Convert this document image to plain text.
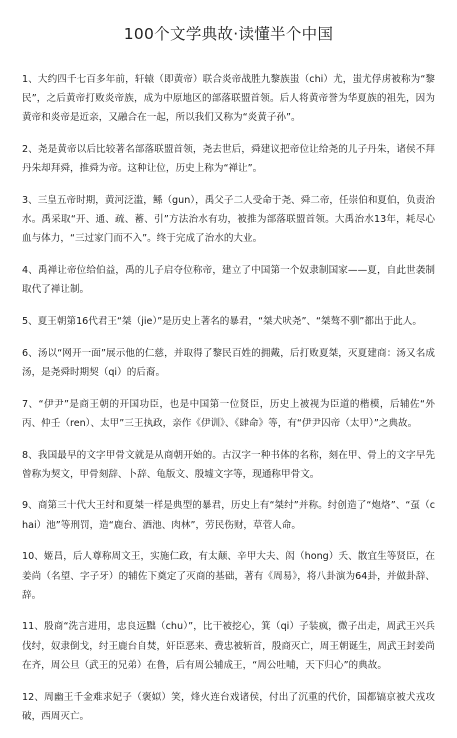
100个文学典故·读懂半个中国
1、大约四千七百多年前，轩辕（即黄帝）联合炎帝战胜九黎族蚩（chi）尤，蚩尤俘虏被称为“黎民”，之后黄帝打败炎帝族，成为中原地区的部落联盟首领。后人将黄帝誉为华夏族的祖先，因为黄帝和炎帝是近亲，又融合在一起，所以我们又称为“炎黄子孙”。
2、尧是黄帝以后比较著名部落联盟首领，尧去世后，舜建议把帝位让给尧的儿子丹朱，诸侯不拜丹朱却拜舜，推舜为帝。这种让位，历史上称为“禅让”。
3、三皇五帝时期，黄河泛滥，鲧（gun），禹父子二人受命于尧、舜二帝，任崇伯和夏伯，负责治水。禹采取“开、通、疏、蓄、引”方法治水有功，被推为部落联盟首领。大禹治水13年，耗尽心血与体力，“三过家门而不入”。终于完成了治水的大业。
4、禹禅让帝位给伯益，禹的儿子启夺位称帝，建立了中国第一个奴隶制国家——夏，自此世袭制取代了禅让制。
5、夏王朝第16代君王“桀（jie）”是历史上著名的暴君，“桀犬吠尧”、“桀骜不驯”都出于此人。
6、汤以“网开一面”展示他的仁慈，并取得了黎民百姓的拥戴，后打败夏桀，灭夏建商：汤又名成汤，是尧舜时期契（qi）的后裔。
7、“伊尹”是商王朝的开国功臣，也是中国第一位贤臣，历史上被视为臣道的楷模，后辅佐“外丙、仲壬（ren）、太甲”三王执政，亲作《伊训》、《肆命》等，有“伊尹囚帝（太甲）”之典故。
8、我国最早的文字甲骨文就是从商朝开始的。古汉字一种书体的名称，刻在甲、骨上的文字早先曾称为契文，甲骨刻辞、卜辞、龟版文、殷墟文字等，现通称甲骨文。
9、商第三十代大王纣和夏桀一样是典型的暴君，历史上有“桀纣”并称。纣创造了“炮烙”、“虿（chai）池”等刑罚，造“鹿台、酒池、肉林”，劳民伤财，草菅人命。
10、姬昌，后人尊称周文王，实施仁政，有太颠、辛甲大夫、闳（hong）夭、散宜生等贤臣，在姜尚（名望、字子牙）的辅佐下奠定了灭商的基础，著有《周易》，将八卦演为64卦，并做卦辞、辞。
11、殷商“洗言进用，忠良远黜（chu）”，比干被挖心，箕（qi）子装疯，微子出走，周武王兴兵伐纣，奴隶倒戈，纣王鹿台自焚，奸臣恶来、费忠被斩首，殷商灭亡，周王朝诞生，周武王封姜尚在齐，周公旦（武王的兄弟）在鲁，后有周公辅成王，“周公吐哺，天下归心”的典故。
12、周幽王千金难求妃子（褒姒）笑，烽火连台戏诸侯，付出了沉重的代价，国都镐京被犬戎攻破，西周灭亡。
